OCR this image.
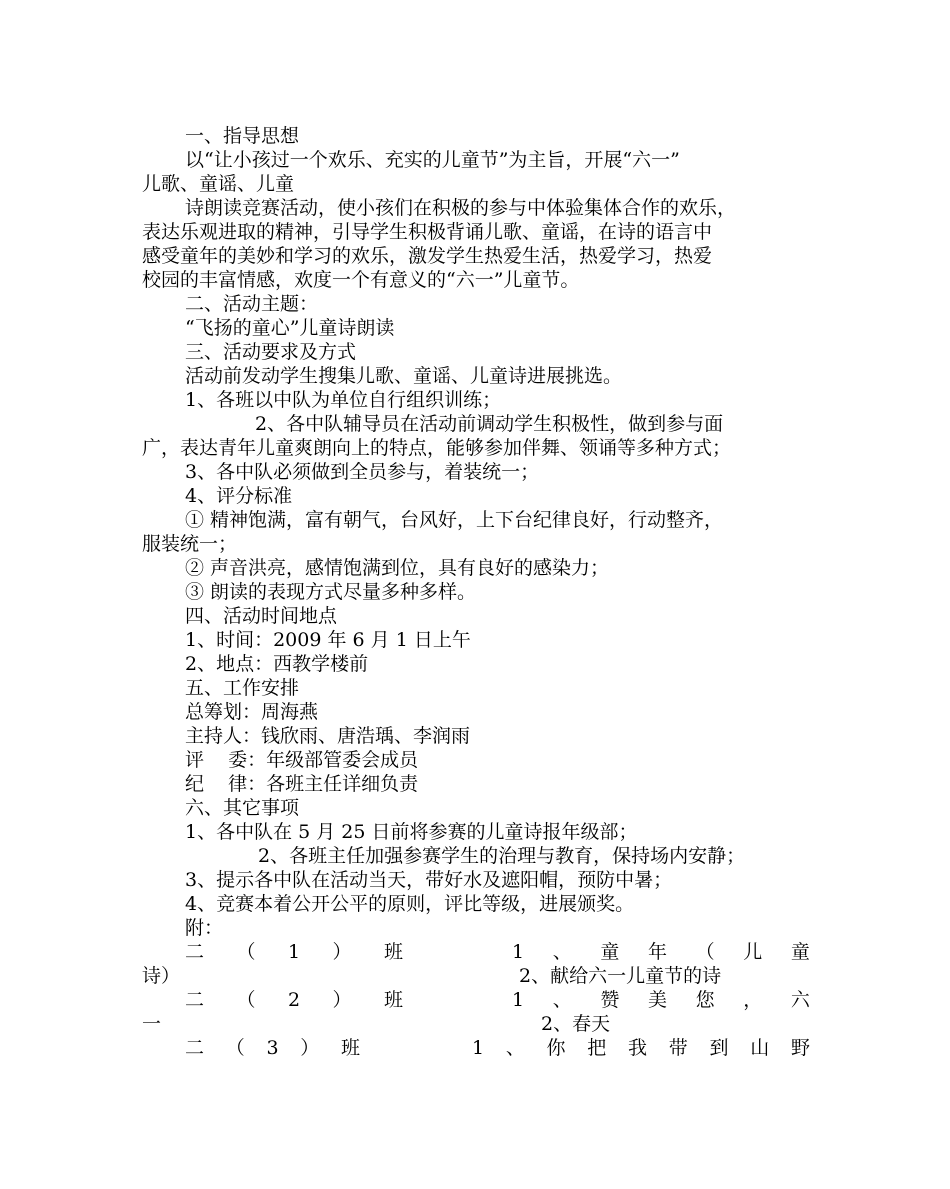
一、指导思想
以“让小孩过一个欢乐、充实的儿童节”为主旨，开展“六一”
儿歌、童谣、儿童
诗朗读竞赛活动，使小孩们在积极的参与中体验集体合作的欢乐，
表达乐观进取的精神，引导学生积极背诵儿歌、童谣，在诗的语言中
感受童年的美妙和学习的欢乐，激发学生热爱生活，热爱学习，热爱
校园的丰富情感，欢度一个有意义的“六一”儿童节。
二、活动主题：
“飞扬的童心”儿童诗朗读
三、活动要求及方式
活动前发动学生搜集儿歌、童谣、儿童诗进展挑选。
1、各班以中队为单位自行组织训练；
2、各中队辅导员在活动前调动学生积极性，做到参与面
广，表达青年儿童爽朗向上的特点，能够参加伴舞、领诵等多种方式；
3、各中队必须做到全员参与，着装统一；
4、评分标准
① 精神饱满，富有朝气，台风好，上下台纪律良好，行动整齐，
服装统一；
② 声音洪亮，感情饱满到位，具有良好的感染力；
③ 朗读的表现方式尽量多种多样。
四、活动时间地点
1、时间：2009 年 6 月 1 日上午
2、地点：西教学楼前
五、工作安排
总筹划：周海燕
主持人：钱欣雨、唐浩瑀、李润雨
评    委：年级部管委会成员
纪    律：各班主任详细负责
六、其它事项
1、各中队在 5 月 25 日前将参赛的儿童诗报年级部；
2、各班主任加强参赛学生的治理与教育，保持场内安静；
3、提示各中队在活动当天，带好水及遮阳帽，预防中暑；
4、竞赛本着公开公平的原则，评比等级，进展颁奖。
附：
二 （ 1 ） 班	1 、 童 年 （ 儿 童
诗）	2、献给六一儿童节的诗
二 （ 2 ） 班	1 、 赞 美 您 ， 六
一	2、春天
二 （ 3 ） 班	1 、 你 把 我 带 到 山 野
